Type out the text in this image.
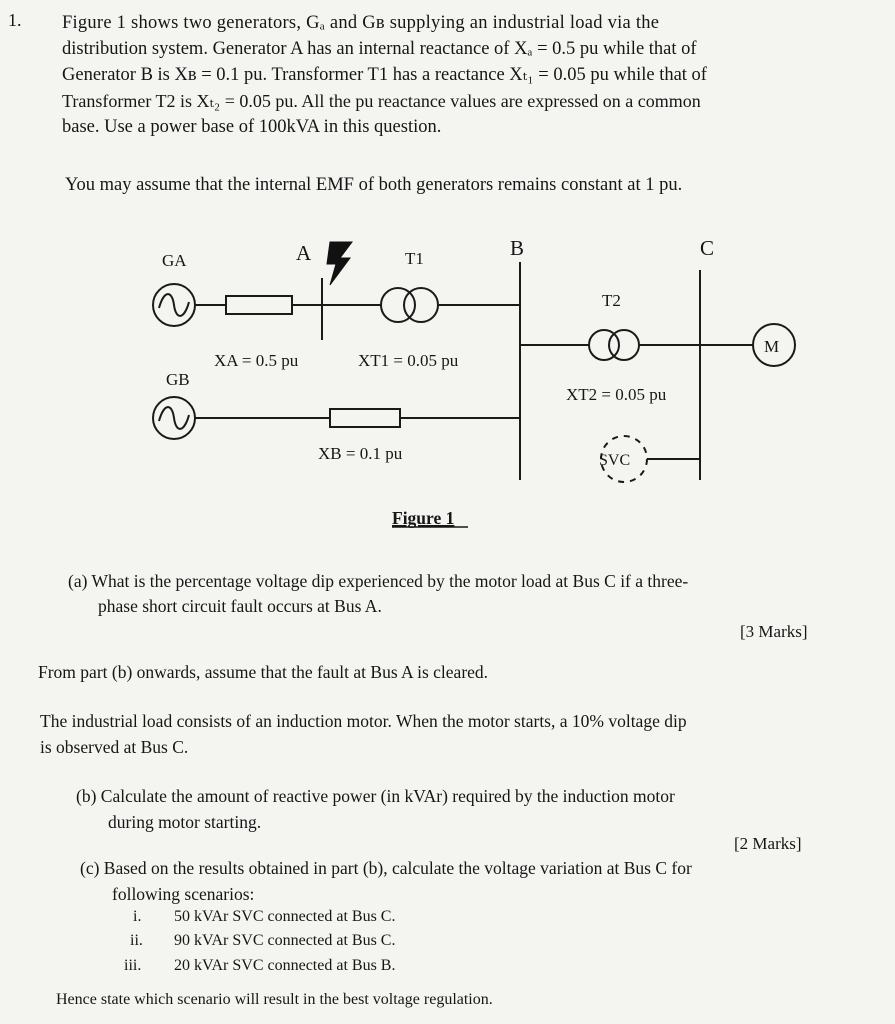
1. Figure 1 shows two generators, Gₐ and Gʙ supplying an industrial load via the
distribution system. Generator A has an internal reactance of Xₐ = 0.5 pu while that of
Generator B is Xʙ = 0.1 pu. Transformer T1 has a reactance Xₜ₁ = 0.05 pu while that of
Transformer T2 is Xₜ₂ = 0.05 pu. All the pu reactance values are expressed on a common
base. Use a power base of 100kVA in this question.
You may assume that the internal EMF of both generators remains constant at 1 pu.
GA	A	T1	B	C
T2
M
GB
XA = 0.5 pu	XT1 = 0.05 pu
XT2 = 0.05 pu
XB = 0.1 pu	SVC
Figure 1
(a) What is the percentage voltage dip experienced by the motor load at Bus C if a three-
phase short circuit fault occurs at Bus A.
[3 Marks]
From part (b) onwards, assume that the fault at Bus A is cleared.
The industrial load consists of an induction motor. When the motor starts, a 10% voltage dip
is observed at Bus C.
(b) Calculate the amount of reactive power (in kVAr) required by the induction motor
during motor starting.
[2 Marks]
(c) Based on the results obtained in part (b), calculate the voltage variation at Bus C for
following scenarios:
i. 50 kVAr SVC connected at Bus C.
ii. 90 kVAr SVC connected at Bus C.
iii. 20 kVAr SVC connected at Bus B.
Hence state which scenario will result in the best voltage regulation.
